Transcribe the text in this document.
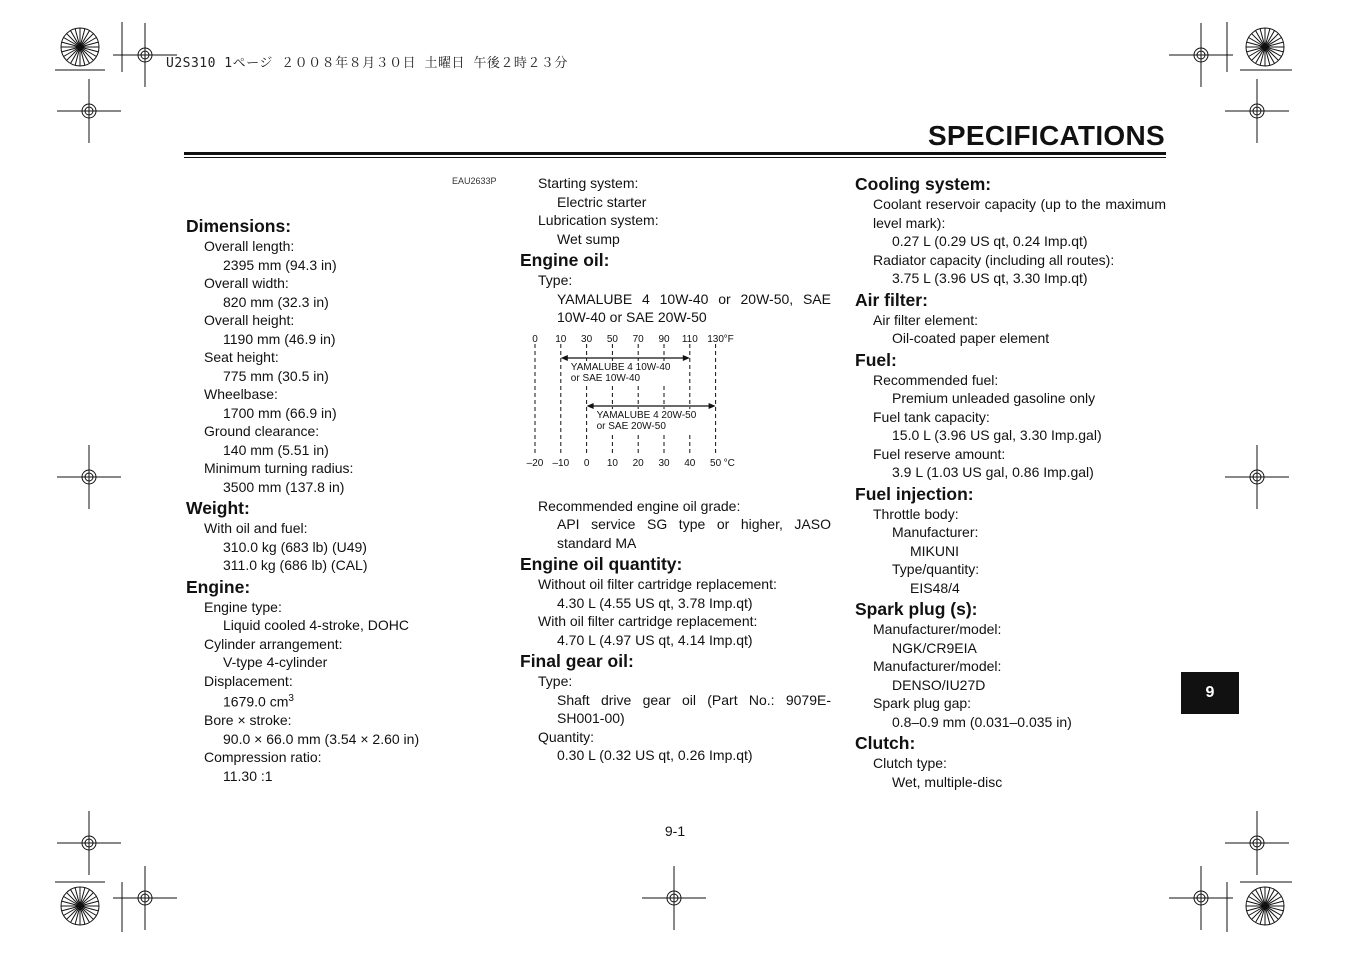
U2S310 1ページ ２００８年８月３０日 土曜日 午後２時２３分
SPECIFICATIONS
EAU2633P
Dimensions:
Overall length:
2395 mm (94.3 in)
Overall width:
820 mm (32.3 in)
Overall height:
1190 mm (46.9 in)
Seat height:
775 mm (30.5 in)
Wheelbase:
1700 mm (66.9 in)
Ground clearance:
140 mm (5.51 in)
Minimum turning radius:
3500 mm (137.8 in)
Weight:
With oil and fuel:
310.0 kg (683 lb) (U49)
311.0 kg (686 lb) (CAL)
Engine:
Engine type:
Liquid cooled 4-stroke, DOHC
Cylinder arrangement:
V-type 4-cylinder
Displacement:
1679.0 $cm^3$
Bore × stroke:
90.0 × 66.0 mm (3.54 × 2.60 in)
Compression ratio:
11.30 :1
Starting system:
Electric starter
Lubrication system:
Wet sump
Engine oil:
Type:
YAMALUBE 4 10W-40 or 20W-50, SAE 10W-40 or SAE 20W-50
Recommended engine oil grade:
API service SG type or higher, JASO standard MA
Engine oil quantity:
Without oil filter cartridge replacement:
4.30 L (4.55 US qt, 3.78 Imp.qt)
With oil filter cartridge replacement:
4.70 L (4.97 US qt, 4.14 Imp.qt)
Final gear oil:
Type:
Shaft drive gear oil (Part No.: 9079E-SH001-00)
Quantity:
0.30 L (0.32 US qt, 0.26 Imp.qt)
0
–20
10
–10
30
0
50
10
70
20
90
30
110
40
130
50
°F
°C
YAMALUBE 4 10W-40
or SAE 10W-40
YAMALUBE 4 20W-50
or SAE 20W-50
Cooling system:
Coolant reservoir capacity (up to the maximum level mark):
0.27 L (0.29 US qt, 0.24 Imp.qt)
Radiator capacity (including all routes):
3.75 L (3.96 US qt, 3.30 Imp.qt)
Air filter:
Air filter element:
Oil-coated paper element
Fuel:
Recommended fuel:
Premium unleaded gasoline only
Fuel tank capacity:
15.0 L (3.96 US gal, 3.30 Imp.gal)
Fuel reserve amount:
3.9 L (1.03 US gal, 0.86 Imp.gal)
Fuel injection:
Throttle body:
Manufacturer:
MIKUNI
Type/quantity:
EIS48/4
Spark plug (s):
Manufacturer/model:
NGK/CR9EIA
Manufacturer/model:
DENSO/IU27D
Spark plug gap:
0.8–0.9 mm (0.031–0.035 in)
Clutch:
Clutch type:
Wet, multiple-disc
9
9-1
